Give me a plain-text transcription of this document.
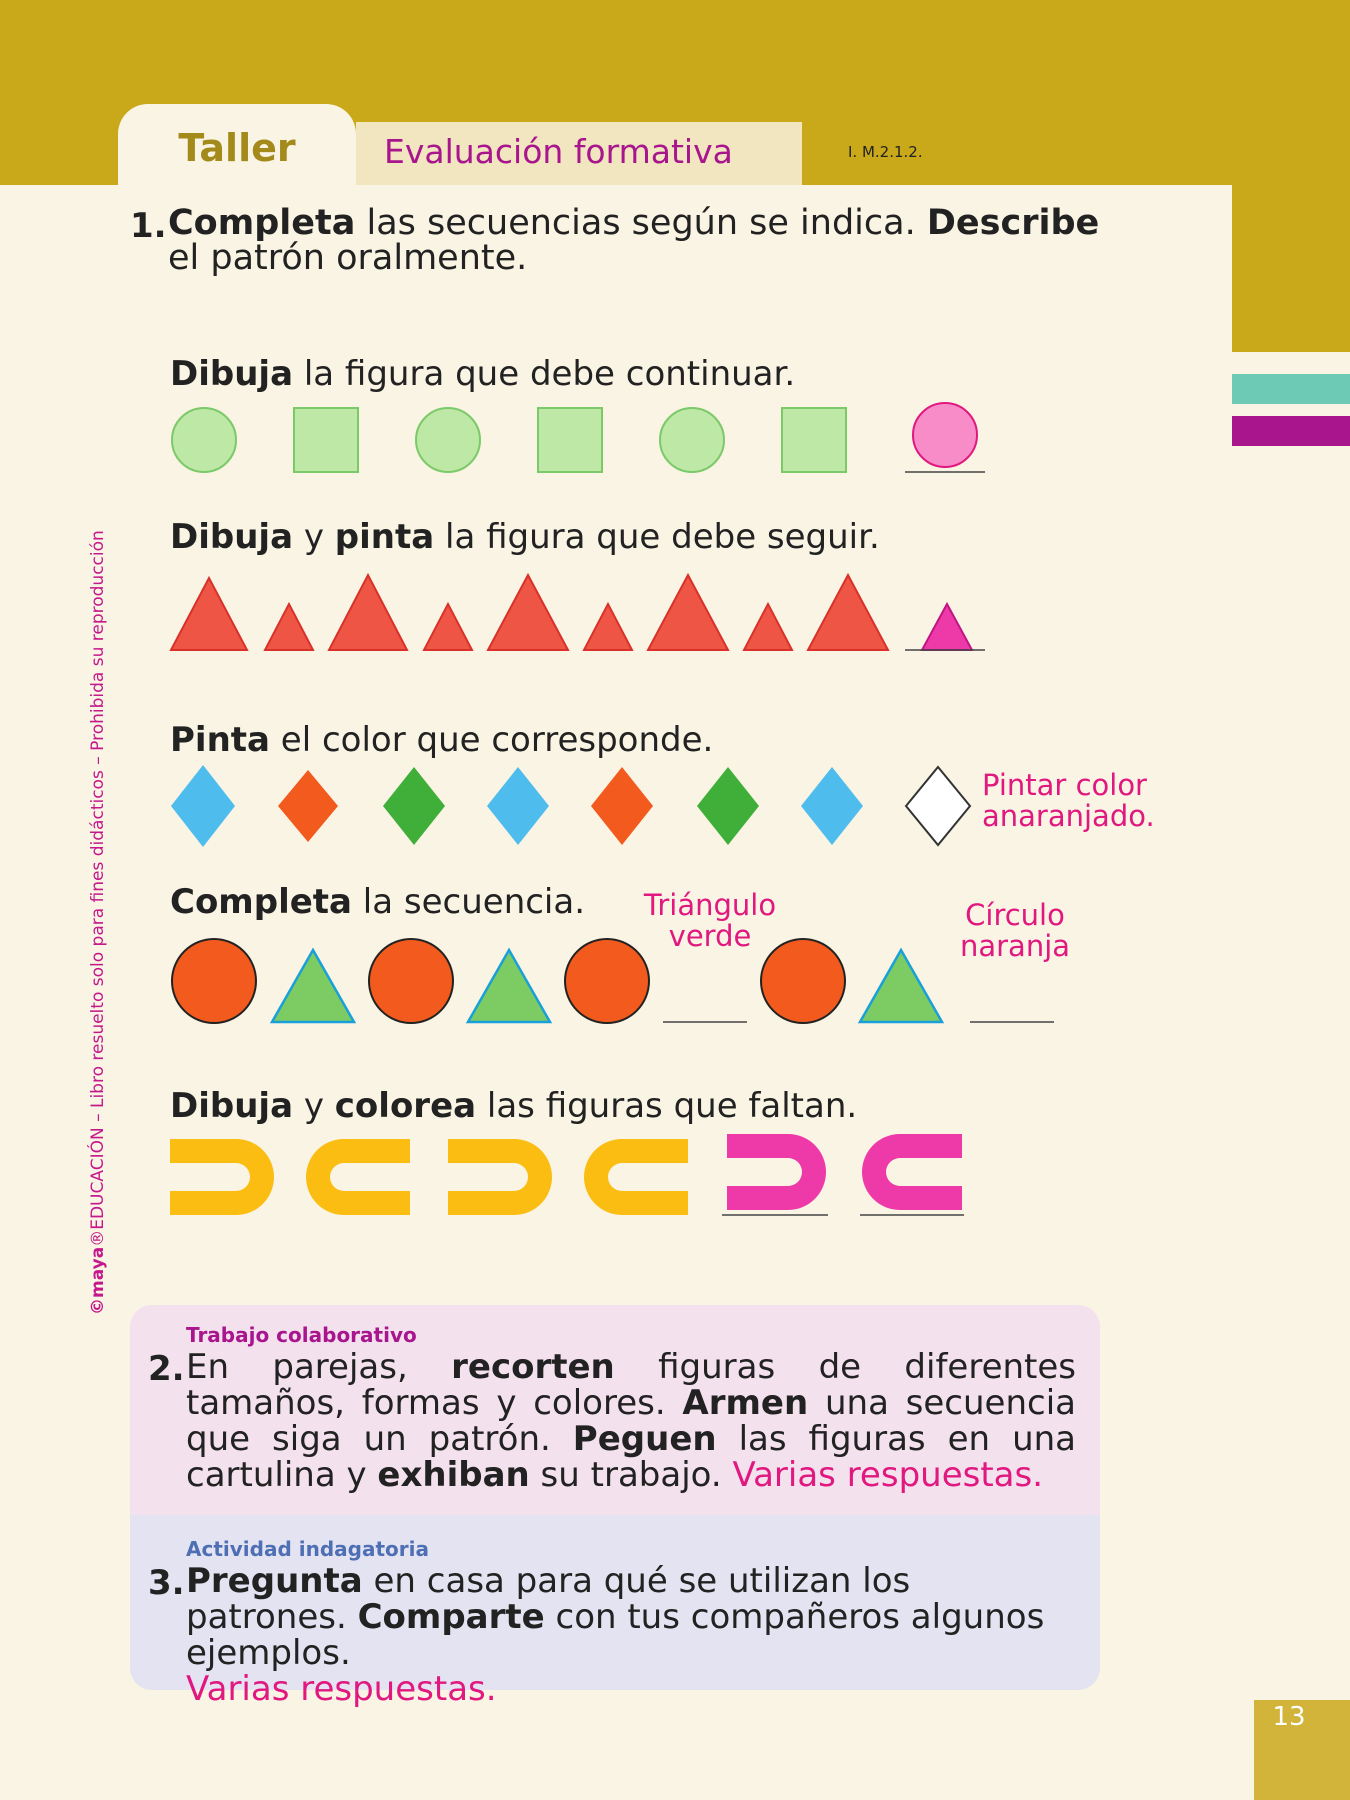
Taller	Evaluación formativa	I. M.2.1.2.
©maya®EDUCACIÓN – Libro resuelto solo para fines didácticos – Prohibida su reproducción
1. Completa las secuencias según se indica. Describe el patrón oralmente.
Dibuja la figura que debe continuar.
Dibuja y pinta la figura que debe seguir.
Pinta el color que corresponde.
Pintar color
anaranjado.
Completa la secuencia.	Triángulo
verde
Círculo
naranja
Dibuja y colorea las figuras que faltan.
Trabajo colaborativo
2. En parejas, recorten figuras de diferentes tamaños, formas y colores. Armen una secuencia que siga un patrón. Peguen las figuras en una cartulina y exhiban su trabajo. Varias respuestas.
Actividad indagatoria
3. Pregunta en casa para qué se utilizan los patrones. Comparte con tus compañeros algunos ejemplos.
Varias respuestas.
13
